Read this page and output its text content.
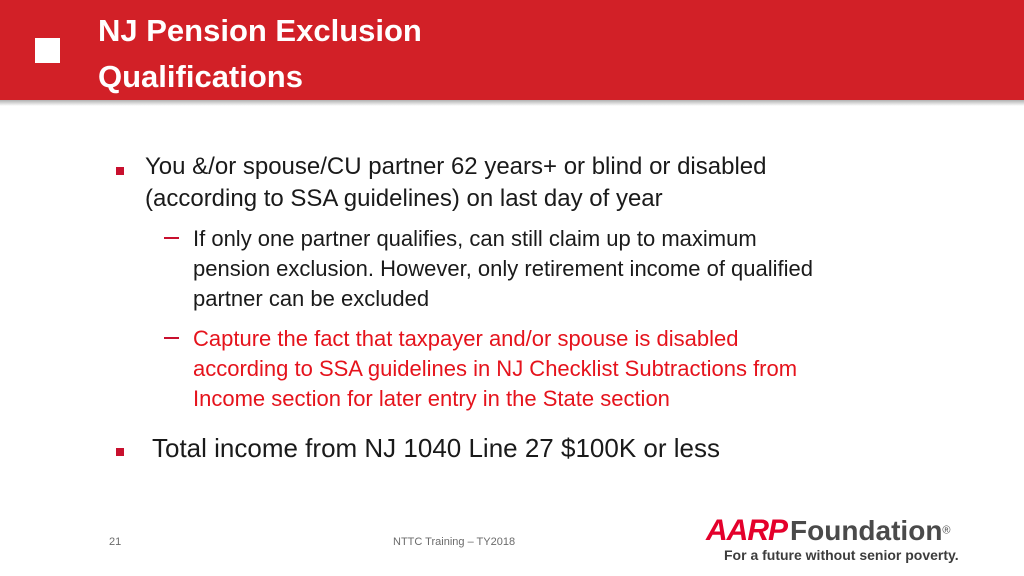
NJ Pension Exclusion
Qualifications
You &/or spouse/CU partner 62 years+ or blind or disabled
(according to SSA guidelines) on last day of year
If only one partner qualifies, can still claim up to maximum
pension exclusion. However, only retirement income of qualified
partner can be excluded
Capture the fact that taxpayer and/or spouse is disabled
according to SSA guidelines in NJ Checklist Subtractions from
Income section for later entry in the State section
Total income from NJ 1040 Line 27 $100K or less
21	NTTC Training – TY2018	AARP Foundation®
For a future without senior poverty.
